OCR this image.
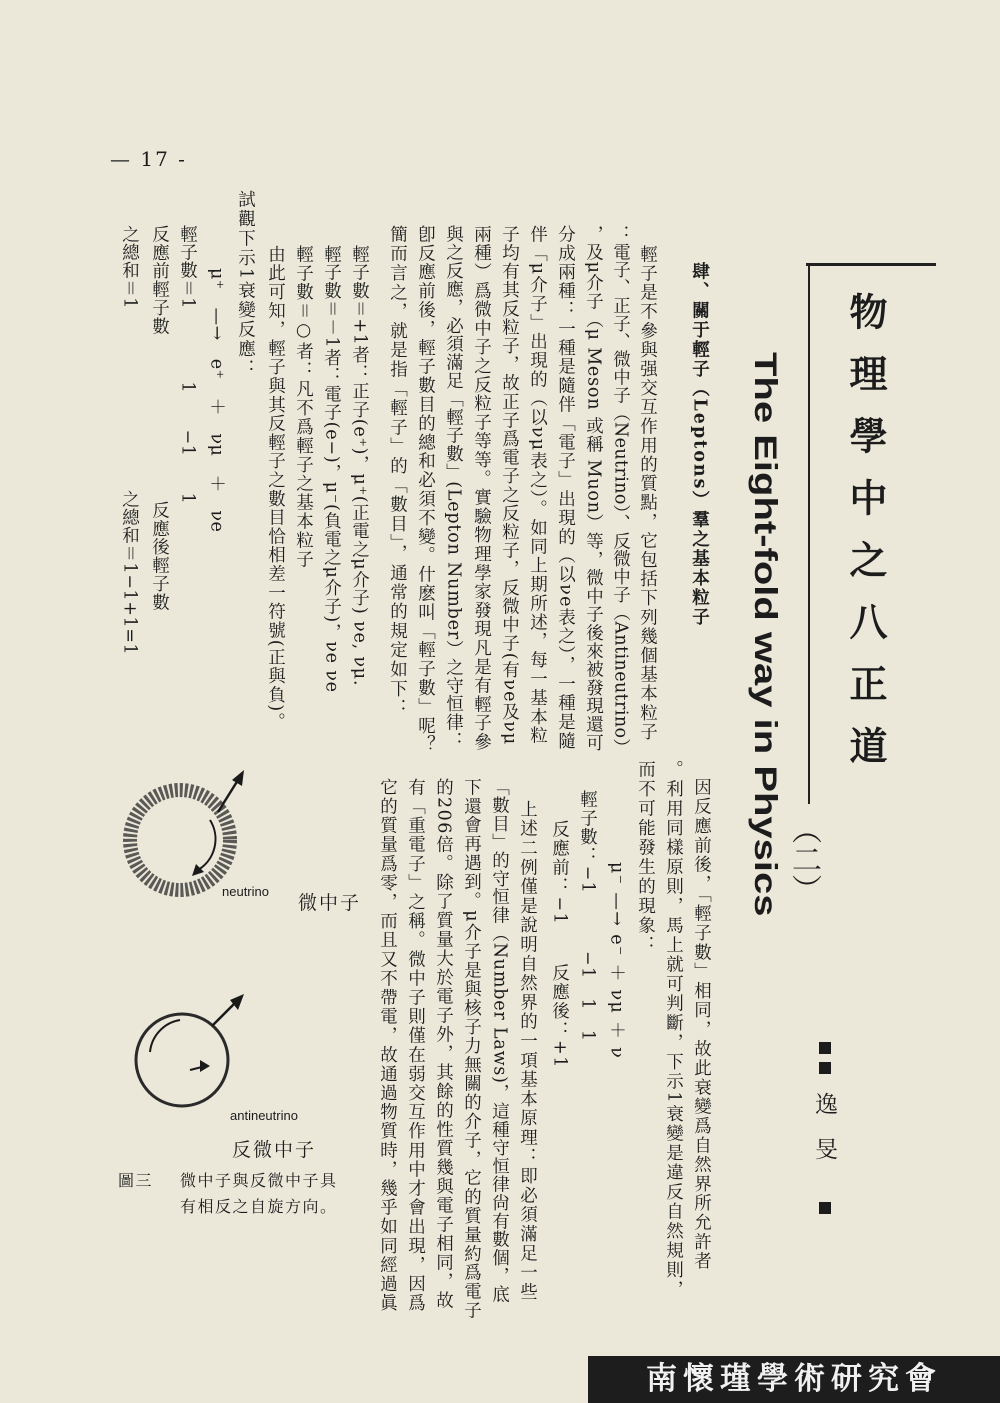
— 17 -
物理學中之八正道
The Eight-fold way in Physics （二）

逸旻
肆、關于輕子（Leptons）羣之基本粒子
輕子是不參與强交互作用的質點，它包括下列幾個基本粒子
：電子、正子、微中子（Neutrino）、反微中子（Antineutrino）
，及μ介子（μ Meson 或稱 Muon）等，微中子後來被發現還可
分成兩種：一種是隨伴「電子」出現的（以νe表之），一種是隨
伴「μ介子」出現的（以νμ表之）。如同上期所述，每一基本粒
子均有其反粒子，故正子爲電子之反粒子，反微中子(有νe及νμ
兩種）爲微中子之反粒子等等。實驗物理學家發現凡是有輕子參
與之反應，必須滿足「輕子數」(Lepton Number）之守恒律：
卽反應前後，輕子數目的總和必須不變。什麽叫「輕子數」呢？
簡而言之，就是指「輕子」的「數目」，通常的規定如下：
輕子數＝+1者：正子(e⁺)，μ⁺(正電之μ介子) νe, νμ.
輕子數＝－1者：電子(e−)，μ⁻(負電之μ介子)，νe νe
輕子數＝○者：凡不爲輕子之基本粒子
由此可知，輕子與其反輕子之數目恰相差一符號(正與負)。
試觀下示1衰變反應：
μ⁺　—→　e⁺　＋　νμ　＋　νe
輕子數＝1　　　　1　　−1　　1
反應前輕子數　　　　　　　　　反應後輕子數
之總和＝1　　　　　　　　　　之總和＝1−1+1=1
因反應前後，「輕子數」相同，故此衰變爲自然界所允許者
。利用同樣原則，馬上就可判斷，下示1衰變是違反自然規則，
而不可能發生的現象：
μ⁻ —→ e⁻ ＋ νμ ＋ ν
輕子數：−1　　　−1　1　1
反應前：−1　　反應後：+1
上述二例僅是說明自然界的一項基本原理：即必須滿足一些
「數目」的守恒律（Number Laws)，這種守恒律尙有數個，底
下還會再遇到。μ介子是與核子力無關的介子，它的質量約爲電子
的206倍。除了質量大於電子外，其餘的性質幾與電子相同，故
有「重電子」之稱。微中子則僅在弱交互作用中才會出現，因爲
它的質量爲零，而且又不帶電，故通過物質時，幾乎如同經過眞
neutrino
微中子
antineutrino
反微中子
圖三 微中子與反微中子具
有相反之自旋方向。
南懷瑾學術研究會
